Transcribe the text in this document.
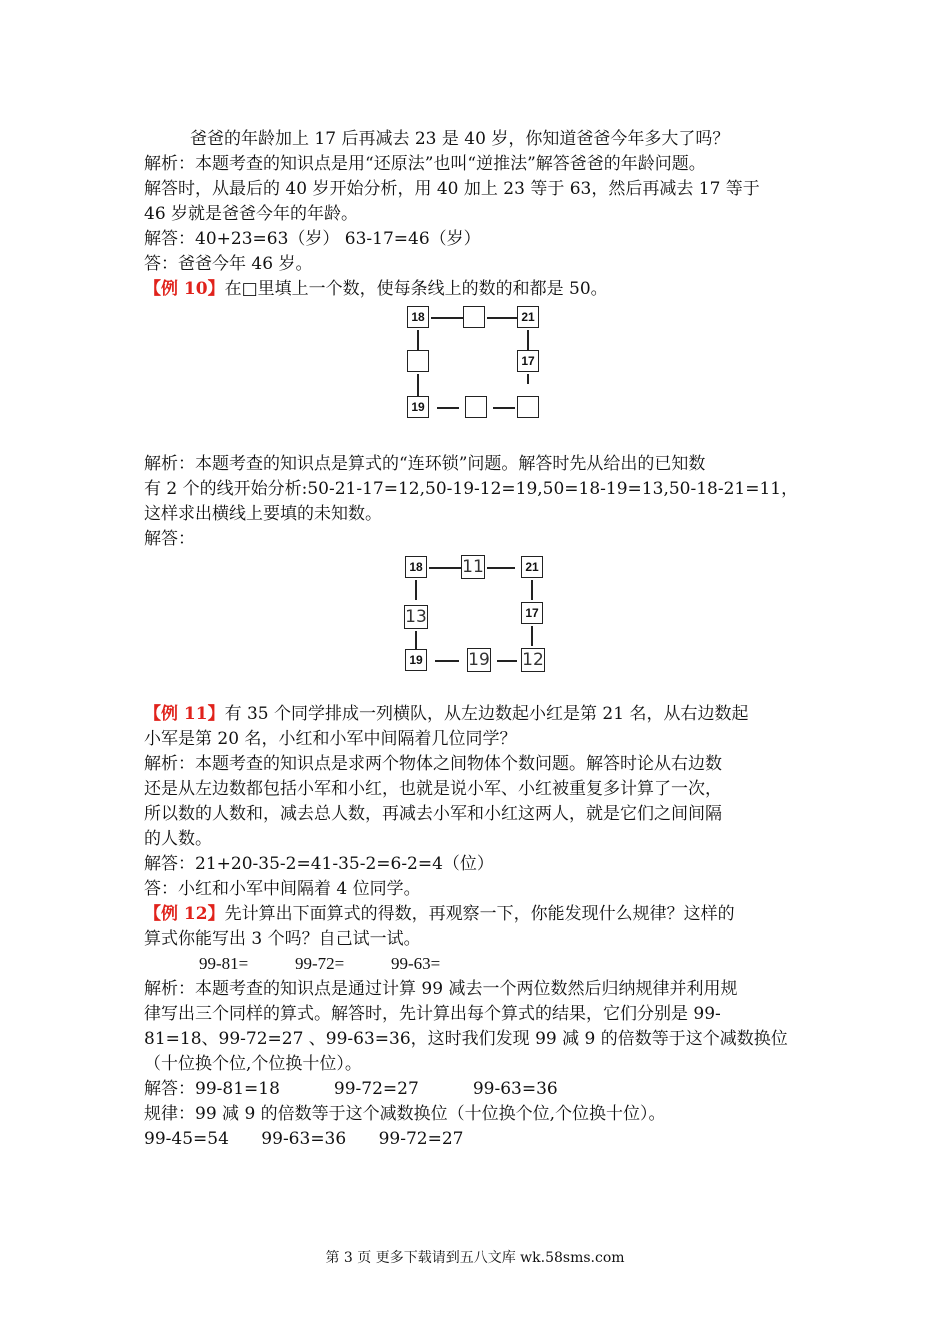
爸爸的年龄加上 17 后再减去 23 是 40 岁，你知道爸爸今年多大了吗？
解析：本题考查的知识点是用“还原法”也叫“逆推法”解答爸爸的年龄问题。
解答时，从最后的 40 岁开始分析，用 40 加上 23 等于 63，然后再减去 17 等于
46 岁就是爸爸今年的年龄。
解答：40+23=63（岁） 63-17=46（岁）
答：爸爸今年 46 岁。
【例 10】在□里填上一个数，使每条线上的数的和都是 50。
18	21
17
19
解析：本题考查的知识点是算式的“连环锁”问题。解答时先从给出的已知数
有 2 个的线开始分析:50-21-17=12,50-19-12=19,50=18-19=13,50-18-21=11，
这样求出横线上要填的未知数。
解答：
18 11	21
13	17
19	19 12
【例 11】有 35 个同学排成一列横队，从左边数起小红是第 21 名，从右边数起
小军是第 20 名，小红和小军中间隔着几位同学？
解析：本题考查的知识点是求两个物体之间物体个数问题。解答时论从右边数
还是从左边数都包括小军和小红，也就是说小军、小红被重复多计算了一次，
所以数的人数和，减去总人数，再减去小军和小红这两人，就是它们之间间隔
的人数。
解答：21+20-35-2=41-35-2=6-2=4（位）
答：小红和小军中间隔着 4 位同学。
【例 12】先计算出下面算式的得数，再观察一下，你能发现什么规律？这样的
算式你能写出 3 个吗？自己试一试。
99-81=           99-72=           99-63=
解析：本题考查的知识点是通过计算 99 减去一个两位数然后归纳规律并利用规
律写出三个同样的算式。解答时，先计算出每个算式的结果，它们分别是 99-
81=18、99-72=27 、99-63=36，这时我们发现 99 减 9 的倍数等于这个减数换位
（十位换个位,个位换十位）。
解答：99-81=18          99-72=27          99-63=36
规律：99 减 9 的倍数等于这个减数换位（十位换个位,个位换十位）。
99-45=54      99-63=36      99-72=27
第 3 页 更多下载请到五八文库 wk.58sms.com
